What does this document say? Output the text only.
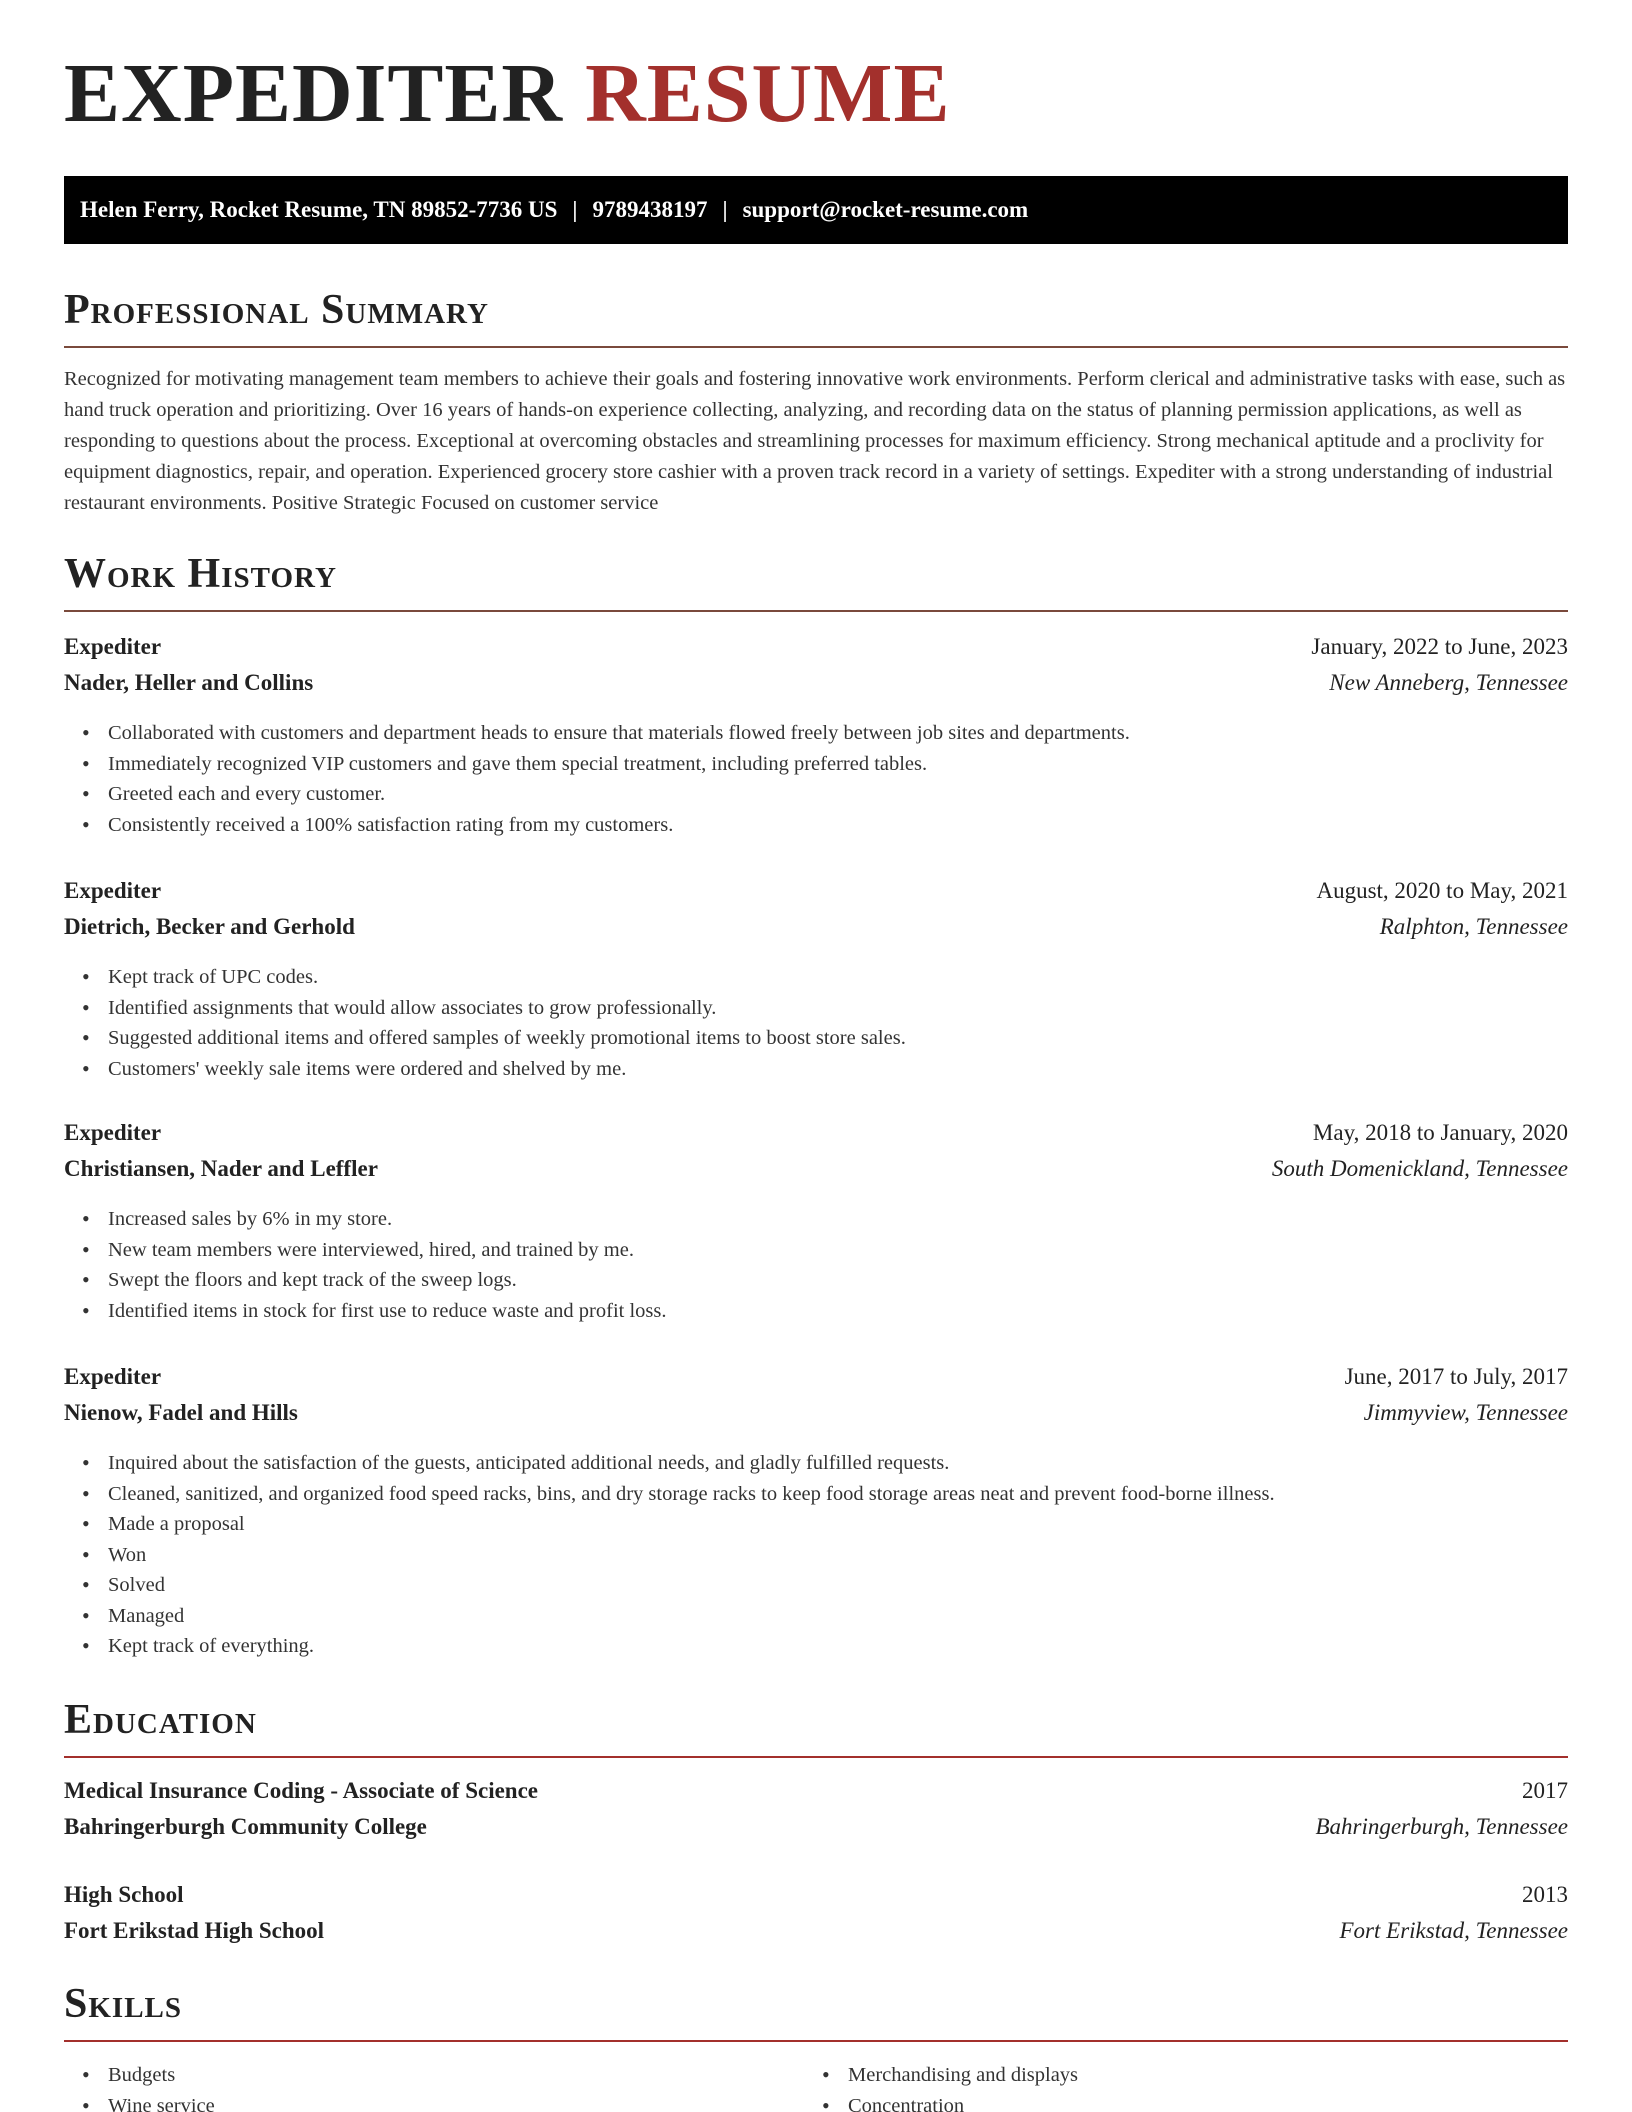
EXPEDITER RESUME
Helen Ferry, Rocket Resume, TN 89852-7736 US | 9789438197 | support@rocket-resume.com
Professional Summary

Recognized for motivating management team members to achieve their goals and fostering innovative work environments. Perform clerical and administrative tasks with ease, such as hand truck operation and prioritizing. Over 16 years of hands-on experience collecting, analyzing, and recording data on the status of planning permission applications, as well as responding to questions about the process. Exceptional at overcoming obstacles and streamlining processes for maximum efficiency. Strong mechanical aptitude and a proclivity for equipment diagnostics, repair, and operation. Experienced grocery store cashier with a proven track record in a variety of settings. Expediter with a strong understanding of industrial restaurant environments. Positive Strategic Focused on customer service

Work History
Expediter	January, 2022 to June, 2023
Nader, Heller and Collins	New Anneberg, Tennessee
• Collaborated with customers and department heads to ensure that materials flowed freely between job sites and departments.
• Immediately recognized VIP customers and gave them special treatment, including preferred tables.
• Greeted each and every customer.
• Consistently received a 100% satisfaction rating from my customers.
Expediter	August, 2020 to May, 2021
Dietrich, Becker and Gerhold	Ralphton, Tennessee
• Kept track of UPC codes.
• Identified assignments that would allow associates to grow professionally.
• Suggested additional items and offered samples of weekly promotional items to boost store sales.
• Customers' weekly sale items were ordered and shelved by me.
Expediter	May, 2018 to January, 2020
Christiansen, Nader and Leffler	South Domenickland, Tennessee
• Increased sales by 6% in my store.
• New team members were interviewed, hired, and trained by me.
• Swept the floors and kept track of the sweep logs.
• Identified items in stock for first use to reduce waste and profit loss.
Expediter	June, 2017 to July, 2017
Nienow, Fadel and Hills	Jimmyview, Tennessee
• Inquired about the satisfaction of the guests, anticipated additional needs, and gladly fulfilled requests.
• Cleaned, sanitized, and organized food speed racks, bins, and dry storage racks to keep food storage areas neat and prevent food-borne illness.
• Made a proposal
• Won
• Solved
• Managed
• Kept track of everything.
Education
Medical Insurance Coding - Associate of Science	2017
Bahringerburgh Community College	Bahringerburgh, Tennessee
High School	2013
Fort Erikstad High School	Fort Erikstad, Tennessee
Skills
• Budgets
• Wine service
• Merchandising and displays
• Concentration
